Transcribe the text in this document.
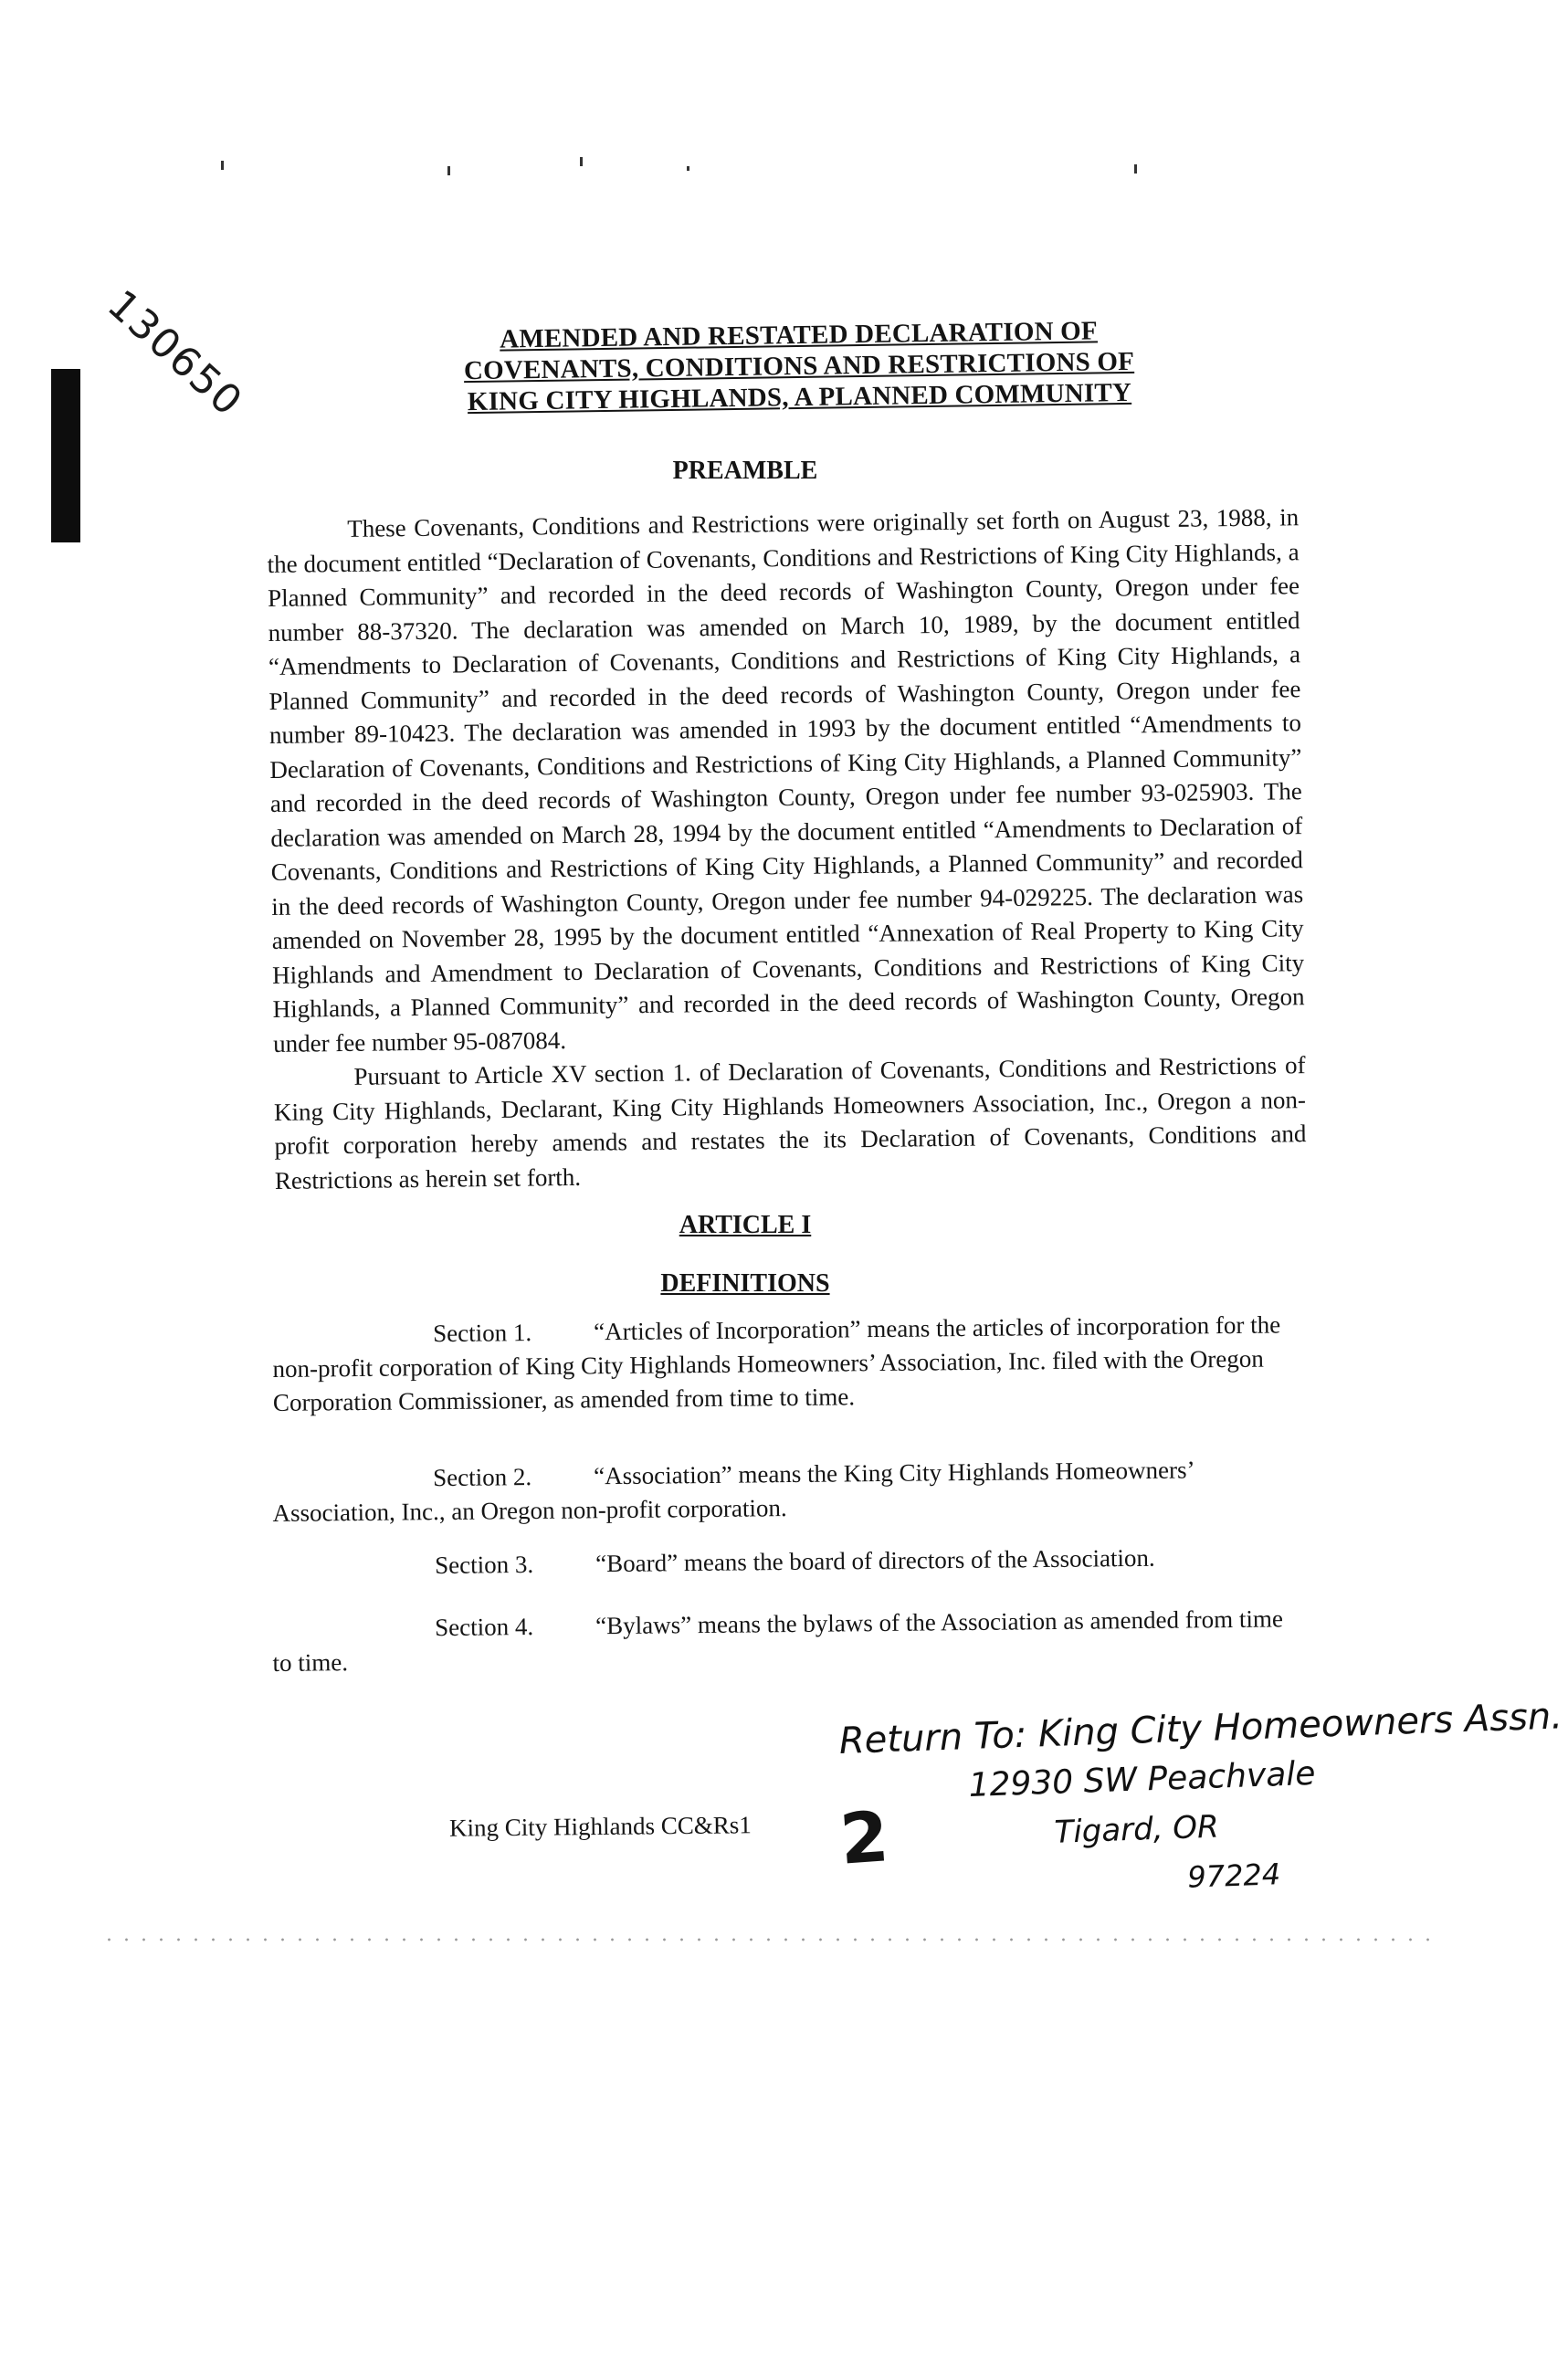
130650	AMENDED AND RESTATED DECLARATION OF
COVENANTS, CONDITIONS AND RESTRICTIONS OF
KING CITY HIGHLANDS, A PLANNED COMMUNITY
PREAMBLE

These Covenants, Conditions and Restrictions were originally set forth on August 23, 1988, in the document entitled “Declaration of Covenants, Conditions and Restrictions of King City Highlands, a Planned Community” and recorded in the deed records of Washington County, Oregon under fee number 88-37320. The declaration was amended on March 10, 1989, by the document entitled “Amendments to Declaration of Covenants, Conditions and Restrictions of King City Highlands, a Planned Community” and recorded in the deed records of Washington County, Oregon under fee number 89-10423. The declaration was amended in 1993 by the document entitled “Amendments to Declaration of Covenants, Conditions and Restrictions of King City Highlands, a Planned Community” and recorded in the deed records of Washington County, Oregon under fee number 93-025903. The declaration was amended on March 28, 1994 by the document entitled “Amendments to Declaration of Covenants, Conditions and Restrictions of King City Highlands, a Planned Community” and recorded in the deed records of Washington County, Oregon under fee number 94-029225. The declaration was amended on November 28, 1995 by the document entitled “Annexation of Real Property to King City Highlands and Amendment to Declaration of Covenants, Conditions and Restrictions of King City Highlands, a Planned Community” and recorded in the deed records of Washington County, Oregon under fee number 95-087084.

Pursuant to Article XV section 1. of Declaration of Covenants, Conditions and Restrictions of King City Highlands, Declarant, King City Highlands Homeowners Association, Inc., Oregon a non-profit corporation hereby amends and restates the its Declaration of Covenants, Conditions and Restrictions as herein set forth.

ARTICLE I
DEFINITIONS
Section 1.	“Articles of Incorporation” means the articles of incorporation for the non-profit corporation of King City Highlands Homeowners’ Association, Inc. filed with the Oregon Corporation Commissioner, as amended from time to time.
Section 2.	“Association” means the King City Highlands Homeowners’ Association, Inc., an Oregon non-profit corporation.
Section 3.	“Board” means the board of directors of the Association.
Section 4.	“Bylaws” means the bylaws of the Association as amended from time to time.
King City Highlands CC&Rs1 2
Return To: King City Homeowners Assn.
12930 SW Peachvale
Tigard, OR
97224
